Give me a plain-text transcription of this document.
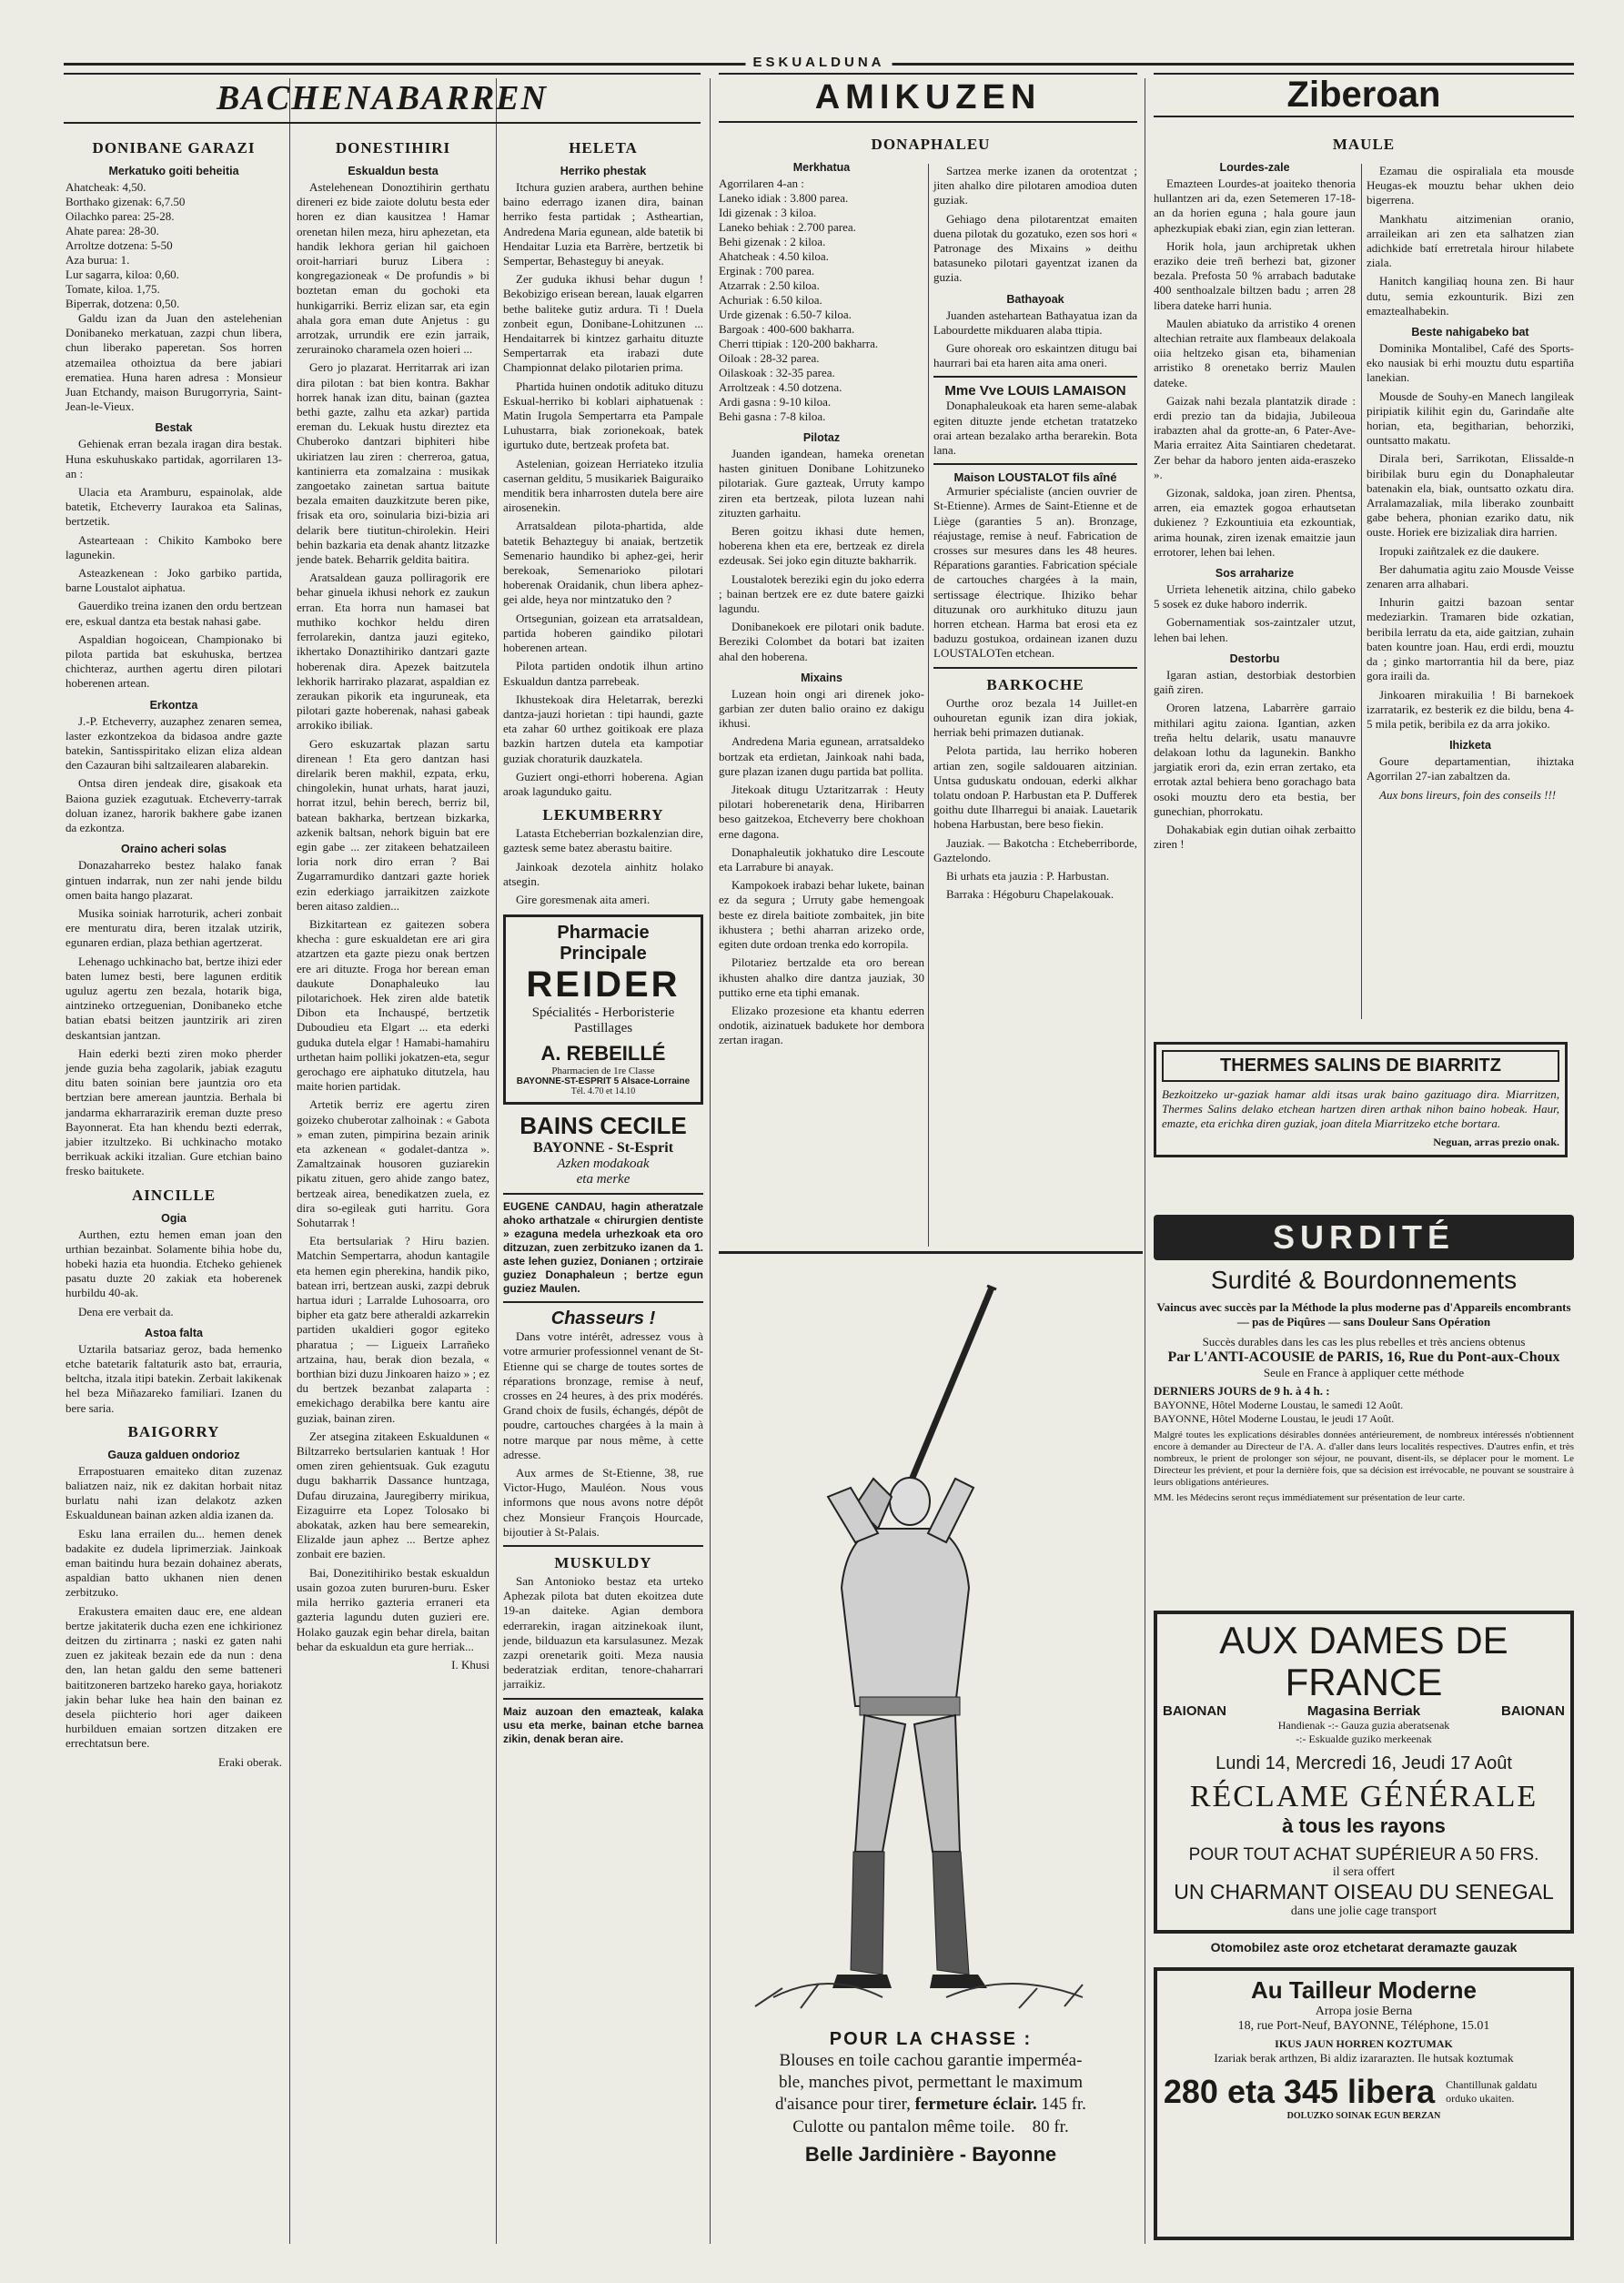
ESKUALDUNA
BACHENABARREN	AMIKUZEN	Ziberoan
DONIBANE GARAZI
Merkatuko goiti beheitia
Ahatcheak: 4,50.
Borthako gizenak: 6,7.50
Oilachko parea: 25-28.
Ahate parea: 28-30.
Arroltze dotzena: 5-50
Aza burua: 1.
Lur sagarra, kiloa: 0,60.
Tomate, kiloa. 1,75.
Biperrak, dotzena: 0,50.

Galdu izan da Juan den astelehenian Donibaneko merkatuan, zazpi chun libera, chun liberako paperetan. Sos horren atzemailea othoiztua da bere jabiari erematiea. Huna haren adresa : Monsieur Juan Etchandy, maison Burugorryria, Saint-Jean-le-Vieux.

Bestak

Gehienak erran bezala iragan dira bestak. Huna eskuhuskako partidak, agorrilaren 13-an :

Ulacia eta Aramburu, espainolak, alde batetik, Etcheverry Iaurakoa eta Salinas, bertzetik.

Astearteaan : Chikito Kamboko bere lagunekin.

Asteazkenean : Joko garbiko partida, barne Loustalot aiphatua.

Gauerdiko treina izanen den ordu bertzean ere, eskual dantza eta bestak nahasi gabe.

Aspaldian hogoicean, Championako bi pilota partida bat eskuhuska, bertzea chichteraz, aurthen agertu diren pilotari hoberenen artean.

Erkontza

J.-P. Etcheverry, auzaphez zenaren semea, laster ezkontzekoa da bidasoa andre gazte batekin, Santisspiritako elizan eliza aldean den Cazauran bihi saltzailearen alabarekin.

Ontsa diren jendeak dire, gisakoak eta Baiona guziek ezagutuak. Etcheverry-tarrak doluan izanez, harorik bakhere gabe izanen da ezkontza.

Oraino acheri solas

Donazaharreko bestez halako fanak gintuen indarrak, nun zer nahi jende bildu omen baita hango plazarat.

Musika soiniak harroturik, acheri zonbait ere menturatu dira, beren itzalak utzirik, egunaren erdian, plaza bethian agertzerat.

Lehenago uchkinacho bat, bertze ihizi eder baten lumez besti, bere lagunen erditik uguluz agertu zen bezala, hotarik biga, aintzineko ortzeguenian, Donibaneko etche batian ebatsi beitzen jauntzirik ari ziren deskantsian jantzan.

Hain ederki bezti ziren moko pherder jende guzia beha zagolarik, jabiak ezagutu ditu baten soinian bere jauntzia oro eta bertzian bere amerean jauntzia. Berhala bi jandarma ekharrarazirik ereman duzte preso Bayonnerat. Eta han khendu bezti ederrak, jabier itzultzeko. Bi uchkinacho motako berrikuak ackiki itzalian. Gure etchian baino fresko baitukete.

AINCILLE
Ogia

Aurthen, eztu hemen eman joan den urthian bezainbat. Solamente bihia hobe du, hobeki hazia eta huondia. Etcheko gehienek pasatu duzte 20 zakiak eta hoberenek hurbildu 40-ak.

Dena ere verbait da.

Astoa falta

Uztarila batsariaz geroz, bada hemenko etche batetarik faltaturik asto bat, errauria, beltcha, itzala itipi batekin. Zerbait lakikenak hel beza Miñazareko familiari. Izanen du bere saria.

BAIGORRY
Gauza galduen ondorioz

Errapostuaren emaiteko ditan zuzenaz baliatzen naiz, nik ez dakitan horbait nitaz burlatu nahi izan delakotz azken Eskualdunean bainan azken aldia izanen da.

Esku lana errailen du... hemen denek badakite ez dudela liprimerziak. Jainkoak eman baitindu hura bezain dohainez aberats, aspaldian batto ukhanen nien denen zerbitzuko.

Erakustera emaiten dauc ere, ene aldean bertze jakitaterik ducha ezen ene ichkirionez deitzen du zirtinarra ; naski ez gaten nahi zuen ez jakiteak bezain ede da nun : dena den, lan hetan galdu den seme batteneri baititzoneren bartzeko hareko gaya, horiakotz jakin behar luke hea hain den bainan ez desela piichterio hori ager daikeen hurbilduen emaian sortzen ditzaken ere errechtatsun bere.

Eraki oberak.
DONESTIHIRI
Eskualdun besta

Astelehenean Donoztihirin gerthatu direneri ez bide zaiote dolutu besta eder horen ez dian kausitzea ! Hamar orenetan hilen meza, hiru aphezetan, eta handik lekhora gerian hil gaichoen oroit-harriari buruz Libera : kongregazioneak « De profundis » bi boztetan eman du gochoki eta hunkigarriki. Berriz elizan sar, eta egin ahala gora eman dute Anjetus : gu arrotzak, urrundik ere ezin jarraik, zerurainoko charamela ozen hoieri ...

Gero jo plazarat. Herritarrak ari izan dira pilotan : bat bien kontra. Bakhar horrek hanak izan ditu, bainan (gaztea bethi gazte, zalhu eta azkar) partida ereman du. Lekuak hustu direztez eta Chuberoko dantzari biphiteri hibe ukiriatzen lau ziren : cherreroa, gatua, kantinierra eta zomalzaina : musikak zangoetako zainetan sartua baitute bezala emaiten dauzkitzute beren pike, frisak eta oro, soinularia bizi-bizia ari delarik bere tiutitun-chirolekin. Heiri behin bazkaria eta denak ahantz litzazke jende batek. Beharrik geldita baitira.

Aratsaldean gauza polliragorik ere behar ginuela ikhusi nehork ez zaukun erran. Eta horra nun hamasei bat muthiko kochkor heldu diren ferrolarekin, dantza jauzi egiteko, ikhertako Donaztihiriko dantzari gazte hoberenak dira. Apezek baitzutela lekhorik harrirako plazarat, aspaldian ez zeraukan pikorik eta inguruneak, eta pilotari gazte hoberenak, nahasi gabeak arrokiko ibiliak.

Gero eskuzartak plazan sartu direnean ! Eta gero dantzan hasi direlarik beren makhil, ezpata, erku, chingolekin, hunat urhats, harat jauzi, horrat itzul, behin berech, berriz bil, batean bakharka, bertzean bizkarka, azkenik baltsan, nehork biguin bat ere egin gabe ... zer zitakeen behatzaileen loria nork diro erran ? Bai Zugarramurdiko dantzari gazte horiek ezin ederkiago jarraikitzen zaizkote beren aitaso zaldien...

Bizkitartean ez gaitezen sobera khecha : gure eskualdetan ere ari gira atzartzen eta gazte piezu onak bertzen ere ari dituzte. Froga hor berean eman daukute Donaphaleuko lau pilotarichoek. Hek ziren alde batetik Dibon eta Inchauspé, bertzetik Duboudieu eta Elgart ... eta ederki guduka dutela elgar ! Hamabi-hamahiru urthetan haim polliki jokatzen-eta, segur gerochago ere aiphatuko ditutzela, hau maite horien partidak.

Artetik berriz ere agertu ziren goizeko chuberotar zalhoinak : « Gabota » eman zuten, pimpirina bezain arinik eta azkenean « godalet-dantza ». Zamaltzainak housoren guziarekin pikatu zituen, gero ahide zango batez, bertzeak airea, benedikatzen zuela, ez dira so-egileak guti harritu. Gora Sohutarrak !

Eta bertsulariak ? Hiru bazien. Matchin Sempertarra, ahodun kantagile eta hemen egin pherekina, handik piko, batean irri, bertzean auski, zazpi debruk hartua iduri ; Larralde Luhosoarra, oro bipher eta gatz bere atheraldi azkarrekin partiden ukaldieri gogor egiteko pharatua ; — Ligueix Larrañeko artzaina, hau, berak dion bezala, « borthian bizi duzu Jinkoaren haizo » ; ez du bertzek bezanbat zalaparta : emekichago derabilka bere kantu aire guziak, bainan ziren.

Zer atsegina zitakeen Eskualdunen « Biltzarreko bertsularien kantuak ! Hor omen ziren gehientsuak. Guk ezagutu dugu bakharrik Dassance huntzaga, Dufau diruzaina, Jauregiberry mirikua, Eizaguirre eta Lopez Tolosako bi abokatak, azken hau bere semearekin, Elizalde jaun aphez ... Bertze aphez zonbait ere bazien.

Bai, Donezitihiriko bestak eskualdun usain gozoa zuten bururen-buru. Esker mila herriko gazteria erraneri eta gazteria lagundu duten guzieri ere. Holako gauzak egin behar direla, baitan behar da eskualdun eta gure herriak...

I. Khusi
HELETA
Herriko phestak

Itchura guzien arabera, aurthen behine baino ederrago izanen dira, bainan herriko festa partidak ; Astheartian, Andredena Maria egunean, alde batetik bi Hendaitar Luzia eta Barrère, bertzetik bi Sempertar, Behasteguy bi aneyak.

Zer guduka ikhusi behar dugun ! Bekobizigo erisean berean, lauak elgarren bethe baliteke gutiz ardura. Ti ! Duela zonbeit egun, Donibane-Lohitzunen ... Hendaitarrek bi kintzez garhaitu dituzte Sempertarrak eta irabazi dute Championnat delako pilotarien prima.

Phartida huinen ondotik adituko dituzu Eskual-herriko bi koblari aiphatuenak : Matin Irugola Sempertarra eta Pampale Luhustarra, biak zorionekoak, batek igurtuko dute, bertzeak profeta bat.

Astelenian, goizean Herriateko itzulia casernan gelditu, 5 musikariek Baiguraiko menditik bera inharrosten dutela bere aire airosenekin.

Arratsaldean pilota-phartida, alde batetik Behazteguy bi anaiak, bertzetik Semenario haundiko bi aphez-gei, herir berekoak, Semenarioko pilotari hoberenak Oraidanik, chun libera aphez-gei alde, heya nor mintzatuko den ?

Ortsegunian, goizean eta arratsaldean, partida hoberen gaindiko pilotari hoberenen artean.

Pilota partiden ondotik ilhun artino Eskualdun dantza parrebeak.

Ikhustekoak dira Heletarrak, berezki dantza-jauzi horietan : tipi haundi, gazte eta zahar 60 urthez goitikoak ere plaza bazkin hartzen dutela eta kampotiar guziak choraturik dauzkatela.

Guziert ongi-ethorri hoberena. Agian aroak lagunduko gaitu.

LEKUMBERRY

Latasta Etcheberrian bozkalenzian dire, gaztesk seme batez aberastu baitire.

Jainkoak dezotela ainhitz holako atsegin.

Gire goresmenak aita ameri.

Pharmacie Principale
REIDER
Spécialités - Herboristerie
Pastillages
A. REBEILLÉ
Pharmacien de 1re Classe
BAYONNE-ST-ESPRIT 5 Alsace-Lorraine
Tél. 4.70 et 14.10
BAINS CECILE
BAYONNE - St-Esprit
Azken modakoak
eta merke

EUGENE CANDAU, hagin atheratzale ahoko arthatzale « chirurgien dentiste » ezaguna medela urhezkoak eta oro ditzuzan, zuen zerbitzuko izanen da 1. aste lehen guziez, Donianen ; ortziraie guziez Donaphaleun ; bertze egun guziez Maulen.

Chasseurs !

Dans votre intérêt, adressez vous à votre armurier professionnel venant de St-Etienne qui se charge de toutes sortes de réparations bronzage, remise à neuf, crosses en 24 heures, à des prix modérés. Grand choix de fusils, échangés, dépôt de poudre, cartouches chargées à la main à notre marque par nous même, à cette adresse.

Aux armes de St-Etienne, 38, rue Victor-Hugo, Mauléon. Nous vous informons que nous avons notre dépôt chez Monsieur François Hourcade, bijoutier à St-Palais.

MUSKULDY

San Antonioko bestaz eta urteko Aphezak pilota bat duten ekoitzea dute 19-an daiteke. Agian dembora ederrarekin, iragan aitzinekoak ilunt, jende, bilduazun eta karsulasunez. Mezak zazpi orenetarik goiti. Meza nausia bederatziak erditan, tenore-chaharrari jarraikiz.

Maiz auzoan den emazteak, kalaka usu eta merke, bainan etche barnea zikin, denak beran aire.

DONAPHALEU
Merkhatua
Agorrilaren 4-an :
Laneko idiak : 3.800 parea.
Idi gizenak : 3 kiloa.
Laneko behiak : 2.700 parea.
Behi gizenak : 2 kiloa.
Ahatcheak : 4.50 kiloa.
Erginak : 700 parea.
Atzarrak : 2.50 kiloa.
Achuriak : 6.50 kiloa.
Urde gizenak : 6.50-7 kiloa.
Bargoak : 400-600 bakharra.
Cherri ttipiak : 120-200 bakharra.
Oiloak : 28-32 parea.
Oilaskoak : 32-35 parea.
Arroltzeak : 4.50 dotzena.
Ardi gasna : 9-10 kiloa.
Behi gasna : 7-8 kiloa.
Pilotaz

Juanden igandean, hameka orenetan hasten ginituen Donibane Lohitzuneko pilotariak. Gure gazteak, Urruty kampo ziren eta bertzeak, pilota luzean nahi zituzten garhaitu.

Beren goitzu ikhasi dute hemen, hoberena khen eta ere, bertzeak ez direla ezdeusak. Sei joko egin dituzte bakharrik.

Loustalotek bereziki egin du joko ederra ; bainan bertzek ere ez dute batere gaizki lagundu.

Donibanekoek ere pilotari onik badute. Bereziki Colombet da botari bat izaiten ahal den hoberena.

Mixains

Luzean hoin ongi ari direnek joko-garbian zer duten balio oraino ez dakigu ikhusi.

Andredena Maria egunean, arratsaldeko bortzak eta erdietan, Jainkoak nahi bada, gure plazan izanen dugu partida bat pollita.

Jitekoak ditugu Uztaritzarrak : Heuty pilotari hoberenetarik dena, Hiribarren beso gaitzekoa, Etcheverry bere chokhoan erne dagona.

Donaphaleutik jokhatuko dire Lescoute eta Larrabure bi anayak.

Kampokoek irabazi behar lukete, bainan ez da segura ; Urruty gabe hemengoak beste ez direla baitiote zombaitek, jin bite ikhustera ; bethi aharran arizeko orde, egiten dute ordoan trenka edo korropila.

Pilotariez bertzalde eta oro berean ikhusten ahalko dire dantza jauziak, 30 puttiko erne eta tiphi emanak.

Elizako prozesione eta khantu ederren ondotik, aizinatuek badukete hor dembora zertan iragan.

Sartzea merke izanen da orotentzat ; jiten ahalko dire pilotaren amodioa duten guziak.

Gehiago dena pilotarentzat emaiten duena pilotak du gozatuko, ezen sos hori « Patronage des Mixains » deithu batasuneko pilotari gayentzat izanen da guzia.

Bathayoak

Juanden astehartean Bathayatua izan da Labourdette mikduaren alaba ttipia.

Gure ohoreak oro eskaintzen ditugu bai haurrari bai eta haren aita ama oneri.

Mme Vve LOUIS LAMAISON

Donaphaleukoak eta haren seme-alabak egiten dituzte jende etchetan tratatzeko orai artean bezalako artha berarekin. Bota lana.

Maison LOUSTALOT fils aîné

Armurier spécialiste (ancien ouvrier de St-Etienne). Armes de Saint-Etienne et de Liège (garanties 5 an). Bronzage, réajustage, remise à neuf. Fabrication de crosses sur mesures dans les 48 heures. Réparations garanties. Fabrication spéciale de cartouches chargées à la main, sertissage électrique. Ihiziko behar dituzunak oro aurkhituko dituzu jaun horren etchean. Harma bat erosi eta ez baduzu gostukoa, ordainean izanen duzu LOUSTALOTen etchean.

BARKOCHE

Ourthe oroz bezala 14 Juillet-en ouhouretan egunik izan dira jokiak, herriak behi primazen dutianak.

Pelota partida, lau herriko hoberen artian zen, sogile saldouaren aitzinian. Untsa guduskatu ondouan, ederki alkhar tolatu ondoan P. Harbustan eta P. Dufferek goithu dute Ilharregui bi anaiak. Lauetarik hobena Harbustan, bere beso fiekin.

Jauziak. — Bakotcha : Etcheberriborde, Gaztelondo.

Bi urhats eta jauzia : P. Harbustan.

Barraka : Hégoburu Chapelakouak.

POUR LA CHASSE :
Blouses en toile cachou garantie imperméa-
ble, manches pivot, permettant le maximum
d'aisance pour tirer, fermeture éclair. 145 fr.
Culotte ou pantalon même toile. 80 fr.
Belle Jardinière - Bayonne
MAULE
Lourdes-zale

Emazteen Lourdes-at joaiteko thenoria hullantzen ari da, ezen Setemeren 17-18-an da horien eguna ; hala goure jaun aphezkupiak ebaki zian, egin zian letteran.

Horik hola, jaun archipretak ukhen eraziko deie treñ berhezi bat, gizoner bezala. Prefosta 50 % arrabach badutake 400 senthoalzale biltzen badu ; arren 28 libera dateke harri hunia.

Maulen abiatuko da arristiko 4 orenen altechian retraite aux flambeaux delakoala oiia heltzeko gisan eta, bihamenian arristiko 8 orenetako berriz Maulen dateke.

Gaizak nahi bezala plantatzik dirade : erdi prezio tan da bidajia, Jubileoua irabazten ahal da grotte-an, 6 Pater-Ave-Maria erraitez Aita Saintiaren chedetarat. Zer behar da haboro jenten aida-eraszeko ».

Gizonak, saldoka, joan ziren. Phentsa, arren, eia emaztek gogoa erhautsetan dukienez ? Ezkountiuia eta ezkountiak, arima hounak, ziren izenak emaitzie jaun errotorer, lehen bai lehen.

Sos arraharize

Urrieta lehenetik aitzina, chilo gabeko 5 sosek ez duke haboro inderrik.

Gobernamentiak sos-zaintzaler utzut, lehen bai lehen.

Destorbu

Igaran astian, destorbiak destorbien gaiñ ziren.

Ororen latzena, Labarrère garraio mithilari agitu zaiona. Igantian, azken treña heltu delarik, usatu manauvre delakoan lothu da lagunekin. Bankho jargiatik erori da, ezin erran zertako, eta errotak aztal behiera beno gorachago bata osoki mouztu dero eta bestia, ber gunechian, phorrokatu.

Dohakabiak egin dutian oihak zerbaitto ziren !

Ezamau die ospiraliala eta mousde Heugas-ek mouztu behar ukhen deio bigerrena.

Mankhatu aitzimenian oranio, arraileikan ari zen eta salhatzen zian adichkide batí erretretala hirour hilabete ziala.

Hanitch kangiliaq houna zen. Bi haur dutu, semia ezkounturik. Bizi zen emaztealhabekin.

Beste nahigabeko bat

Dominika Montalibel, Café des Sports-eko nausiak bi erhi mouztu dutu espartiña lanekian.

Mousde de Souhy-en Manech langileak piripiatik kilihit egin du, Garindañe alte horian, eta, begitharian, behorziki, ountsatto makatu.

Dirala beri, Sarrikotan, Elissalde-n biribilak buru egin du Donaphaleutar batenakin ela, biak, ountsatto ozkatu dira. Arralamazaliak, mila liberako zounbaitt gabe behera, phonian ezariko datu, nik ouste. Horiek ere bizizaliak dira harrien.

Iropuki zaiñtzalek ez die daukere.

Ber dahumatia agitu zaio Mousde Veisse zenaren arra alhabari.

Inhurin gaitzi bazoan sentar medeziarkin. Tramaren bide ozkatian, beribila lerratu da eta, aide gaitzian, zuhain baten kountre joan. Hau, erdi erdi, mouztu da ; ginko martorrantia hil da bere, piaz gora iraili da.

Jinkoaren mirakuilia ! Bi barnekoek izarratarik, ez besterik ez die bildu, bena 4-5 mila petik, beribila ez da arra jokiko.

Ihizketa

Goure departamentian, ihiztaka Agorrilan 27-ian zabaltzen da.

Aux bons lireurs, foin des conseils !!!

THERMES SALINS DE BIARRITZ

Bezkoitzeko ur-gaziak hamar aldi itsas urak baino gazituago dira. Miarritzen, Thermes Salins delako etchean hartzen diren arthak nihon baino hobeak. Haur, emazte, eta erichka diren guziak, joan ditela Miarritzeko etche bortara.

Neguan, arras prezio onak.
SURDITÉ
Surdité & Bourdonnements
Vaincus avec succès par la Méthode la plus moderne pas d'Appareils encombrants — pas de Piqûres — sans Douleur Sans Opération
Succès durables dans les cas les plus rebelles et très anciens obtenus
Par L'ANTI-ACOUSIE de PARIS, 16, Rue du Pont-aux-Choux
Seule en France à appliquer cette méthode
DERNIERS JOURS de 9 h. à 4 h. :
BAYONNE, Hôtel Moderne Loustau, le samedi 12 Août.
BAYONNE, Hôtel Moderne Loustau, le jeudi 17 Août.

Malgré toutes les explications désirables données antérieurement, de nombreux intéressés n'obtiennent encore à demander au Directeur de l'A. A. d'aller dans leurs localités respectives. D'autres enfin, et très nombreux, le prient de prolonger son séjour, ne pouvant, disent-ils, se déplacer pour le moment. Le Directeur les prévient, et pour la dernière fois, que sa décision est irrévocable, ne pouvant se soustraire à leurs obligations antérieures.

MM. les Médecins seront reçus immédiatement sur présentation de leur carte.

AUX DAMES DE FRANCE
BAIONAN	Magasina Berriak	BAIONAN
Handienak -:- Gauza guzia aberatsenak
-:- Eskualde guziko merkeenak
Lundi 14, Mercredi 16, Jeudi 17 Août
RÉCLAME GÉNÉRALE
à tous les rayons
POUR TOUT ACHAT SUPÉRIEUR A 50 FRS.
il sera offert
UN CHARMANT OISEAU DU SENEGAL
dans une jolie cage transport
Otomobilez aste oroz etchetarat deramazte gauzak
Au Tailleur Moderne
Arropa josie Berna
18, rue Port-Neuf, BAYONNE, Téléphone, 15.01
IKUS JAUN HORREN KOZTUMAK
Izariak berak arthzen, Bi aldiz izararazten. Ile hutsak koztumak
280 eta 345 libera Chantillunak galdatu orduko ukaiten.
DOLUZKO SOINAK EGUN BERZAN
